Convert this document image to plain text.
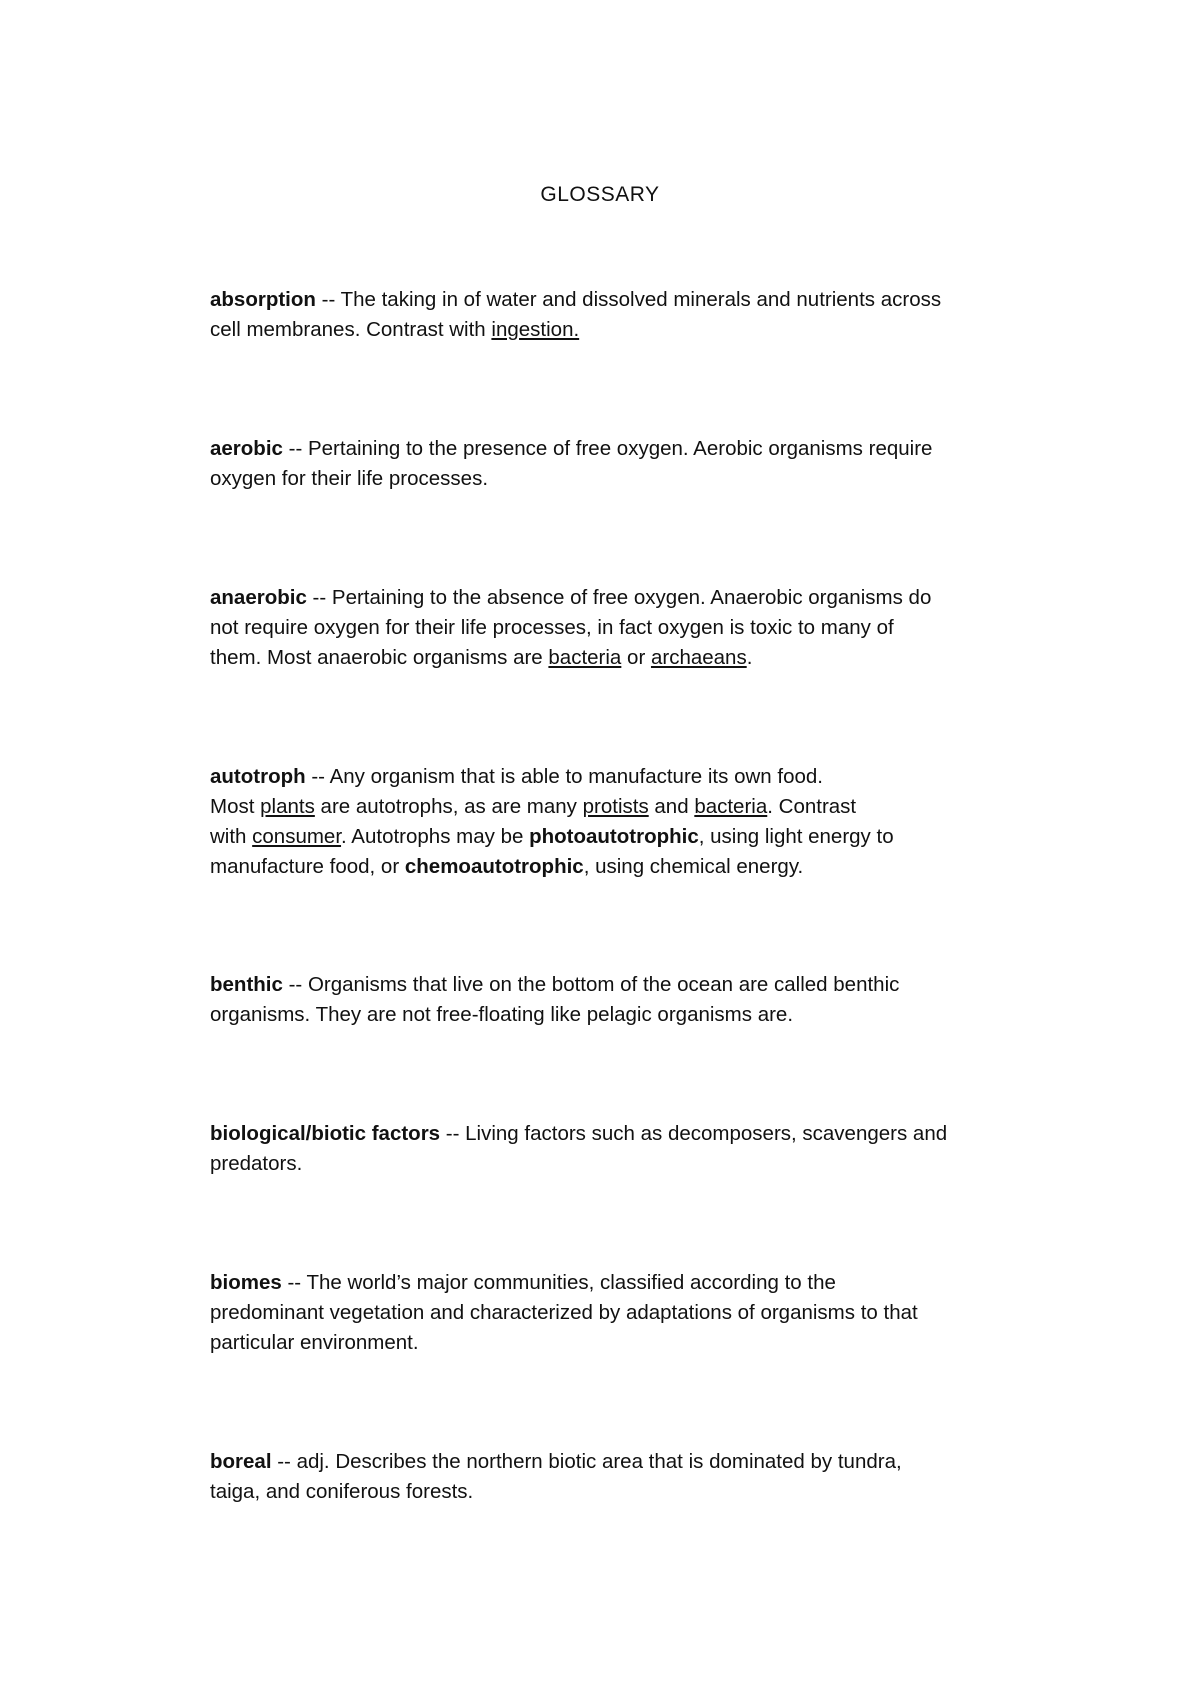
GLOSSARY

absorption -- The taking in of water and dissolved minerals and nutrients across
cell membranes. Contrast with ingestion.

aerobic -- Pertaining to the presence of free oxygen. Aerobic organisms require
oxygen for their life processes.

anaerobic -- Pertaining to the absence of free oxygen. Anaerobic organisms do
not require oxygen for their life processes, in fact oxygen is toxic to many of
them. Most anaerobic organisms are bacteria or archaeans.

autotroph -- Any organism that is able to manufacture its own food.
Most plants are autotrophs, as are many protists and bacteria. Contrast
with consumer. Autotrophs may be photoautotrophic, using light energy to
manufacture food, or chemoautotrophic, using chemical energy.

benthic -- Organisms that live on the bottom of the ocean are called benthic
organisms. They are not free-floating like pelagic organisms are.

biological/biotic factors -- Living factors such as decomposers, scavengers and
predators.

biomes -- The world’s major communities, classified according to the
predominant vegetation and characterized by adaptations of organisms to that
particular environment.

boreal -- adj. Describes the northern biotic area that is dominated by tundra,
taiga, and coniferous forests.
